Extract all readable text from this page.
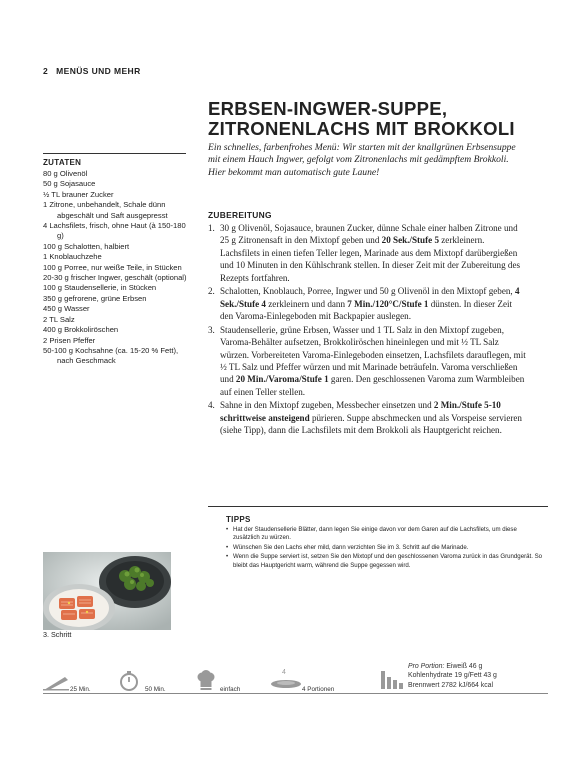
2 MENÜS UND MEHR
ERBSEN-INGWER-SUPPE,
ZITRONENLACHS MIT BROKKOLI
Ein schnelles, farbenfrohes Menü: Wir starten mit der knallgrünen Erbsensuppe mit einem Hauch Ingwer, gefolgt vom Zitronenlachs mit gedämpftem Brokkoli. Hier bekommt man automatisch gute Laune!
ZUTATEN
80 g Olivenöl
50 g Sojasauce
½ TL brauner Zucker
1 Zitrone, unbehandelt, Schale dünn abgeschält und Saft ausgepresst
4 Lachsfilets, frisch, ohne Haut (à 150-180 g)
100 g Schalotten, halbiert
1 Knoblauchzehe
100 g Porree, nur weiße Teile, in Stücken
20-30 g frischer Ingwer, geschält (optional)
100 g Staudensellerie, in Stücken
350 g gefrorene, grüne Erbsen
450 g Wasser
2 TL Salz
400 g Brokkoliröschen
2 Prisen Pfeffer
50-100 g Kochsahne (ca. 15-20 % Fett), nach Geschmack
ZUBEREITUNG
1. 30 g Olivenöl, Sojasauce, braunen Zucker, dünne Schale einer halben Zitrone und 25 g Zitronensaft in den Mixtopf geben und 20 Sek./Stufe 5 zerkleinern. Lachsfilets in einen tiefen Teller legen, Marinade aus dem Mixtopf darübergießen und 10 Minuten in den Kühlschrank stellen. In dieser Zeit mit der Zubereitung des Rezepts fortfahren.
2. Schalotten, Knoblauch, Porree, Ingwer und 50 g Olivenöl in den Mixtopf geben, 4 Sek./Stufe 4 zerkleinern und dann 7 Min./120°C/Stufe 1 dünsten. In dieser Zeit den Varoma-Einlegeboden mit Backpapier auslegen.
3. Staudensellerie, grüne Erbsen, Wasser und 1 TL Salz in den Mixtopf zugeben, Varoma-Behälter aufsetzen, Brokkoliröschen hineinlegen und mit ½ TL Salz würzen. Vorbereiteten Varoma-Einlegeboden einsetzen, Lachsfilets darauflegen, mit ½ TL Salz und Pfeffer würzen und mit Marinade beträufeln. Varoma verschließen und 20 Min./Varoma/Stufe 1 garen. Den geschlossenen Varoma zum Warmbleiben auf einen Teller stellen.
4. Sahne in den Mixtopf zugeben, Messbecher einsetzen und 2 Min./Stufe 5-10 schrittweise ansteigend pürieren. Suppe abschmecken und als Vorspeise servieren (siehe Tipp), dann die Lachsfilets mit dem Brokkoli als Hauptgericht reichen.
TIPPS
• Hat der Staudensellerie Blätter, dann legen Sie einige davon vor dem Garen auf die Lachsfilets, um diese zusätzlich zu würzen.
• Wünschen Sie den Lachs eher mild, dann verzichten Sie im 3. Schritt auf die Marinade.
• Wenn die Suppe serviert ist, setzen Sie den Mixtopf und den geschlossenen Varoma zurück in das Grundgerät. So bleibt das Hauptgericht warm, während die Suppe gegessen wird.
3. Schritt
25 Min.	50 Min.	einfach
4
4 Portionen
Pro Portion: Eiweiß 46 g
Kohlenhydrate 19 g/Fett 43 g
Brennwert 2782 kJ/664 kcal
